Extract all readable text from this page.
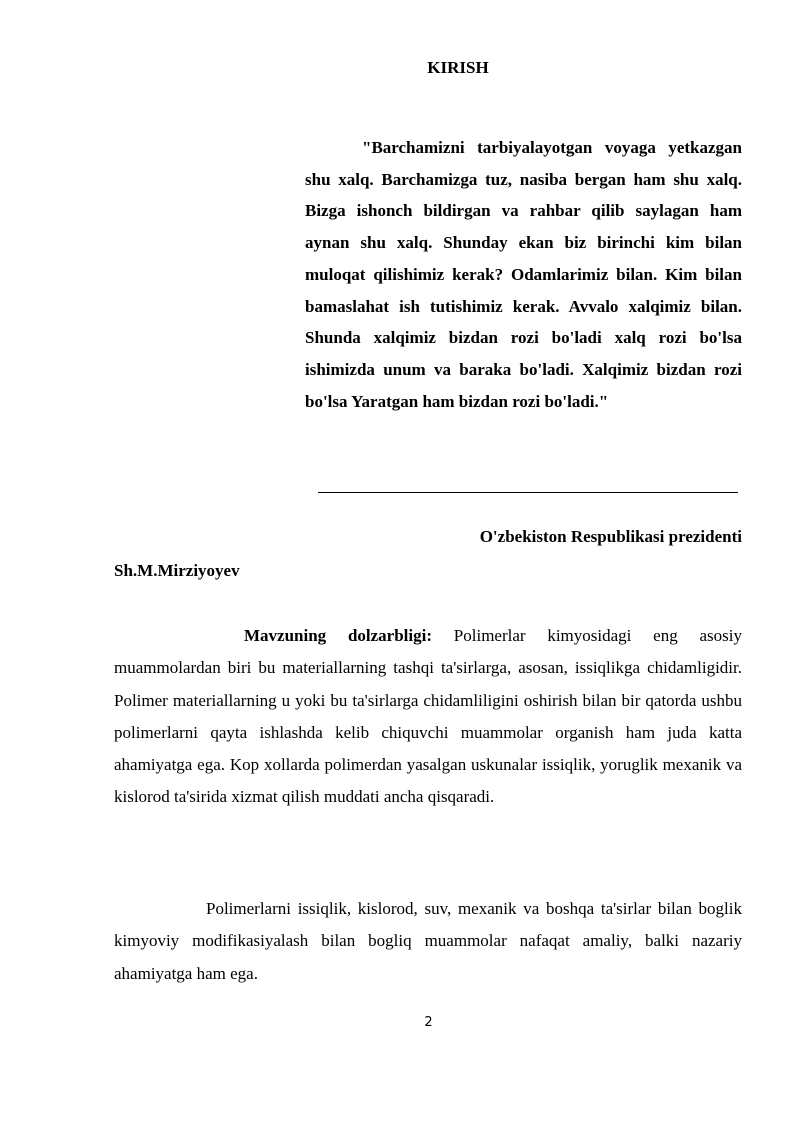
KIRISH
"Barchamizni tarbiyalayotgan voyaga yetkazgan shu xalq. Barchamizga tuz, nasiba bergan ham shu xalq. Bizga ishonch bildirgan va rahbar qilib saylagan ham aynan shu xalq. Shunday ekan biz birinchi kim bilan muloqat qilishimiz kerak? Odamlarimiz bilan. Kim bilan bamaslahat ish tutishimiz kerak. Avvalo xalqimiz bilan. Shunda xalqimiz bizdan rozi bo'ladi xalq rozi bo'lsa ishimizda unum va baraka bo'ladi. Xalqimiz bizdan rozi bo'lsa Yaratgan ham bizdan rozi bo'ladi."
O'zbekiston Respublikasi prezidenti
Sh.M.Mirziyoyev

Mavzuning dolzarbligi: Polimerlar kimyosidagi eng asosiy muammolardan biri bu materiallarning tashqi ta'sirlarga, asosan, issiqlikga chidamligidir. Polimer materiallarning u yoki bu ta'sirlarga chidamliligini oshirish bilan bir qatorda ushbu polimerlarni qayta ishlashda kelib chiquvchi muammolar organish ham juda katta ahamiyatga ega. Kop xollarda polimerdan yasalgan uskunalar issiqlik, yoruglik mexanik va kislorod ta'sirida xizmat qilish muddati ancha qisqaradi.

Polimerlarni issiqlik, kislorod, suv, mexanik va boshqa ta'sirlar bilan boglik kimyoviy modifikasiyalash bilan bogliq muammolar nafaqat amaliy, balki nazariy ahamiyatga ham ega.

2
